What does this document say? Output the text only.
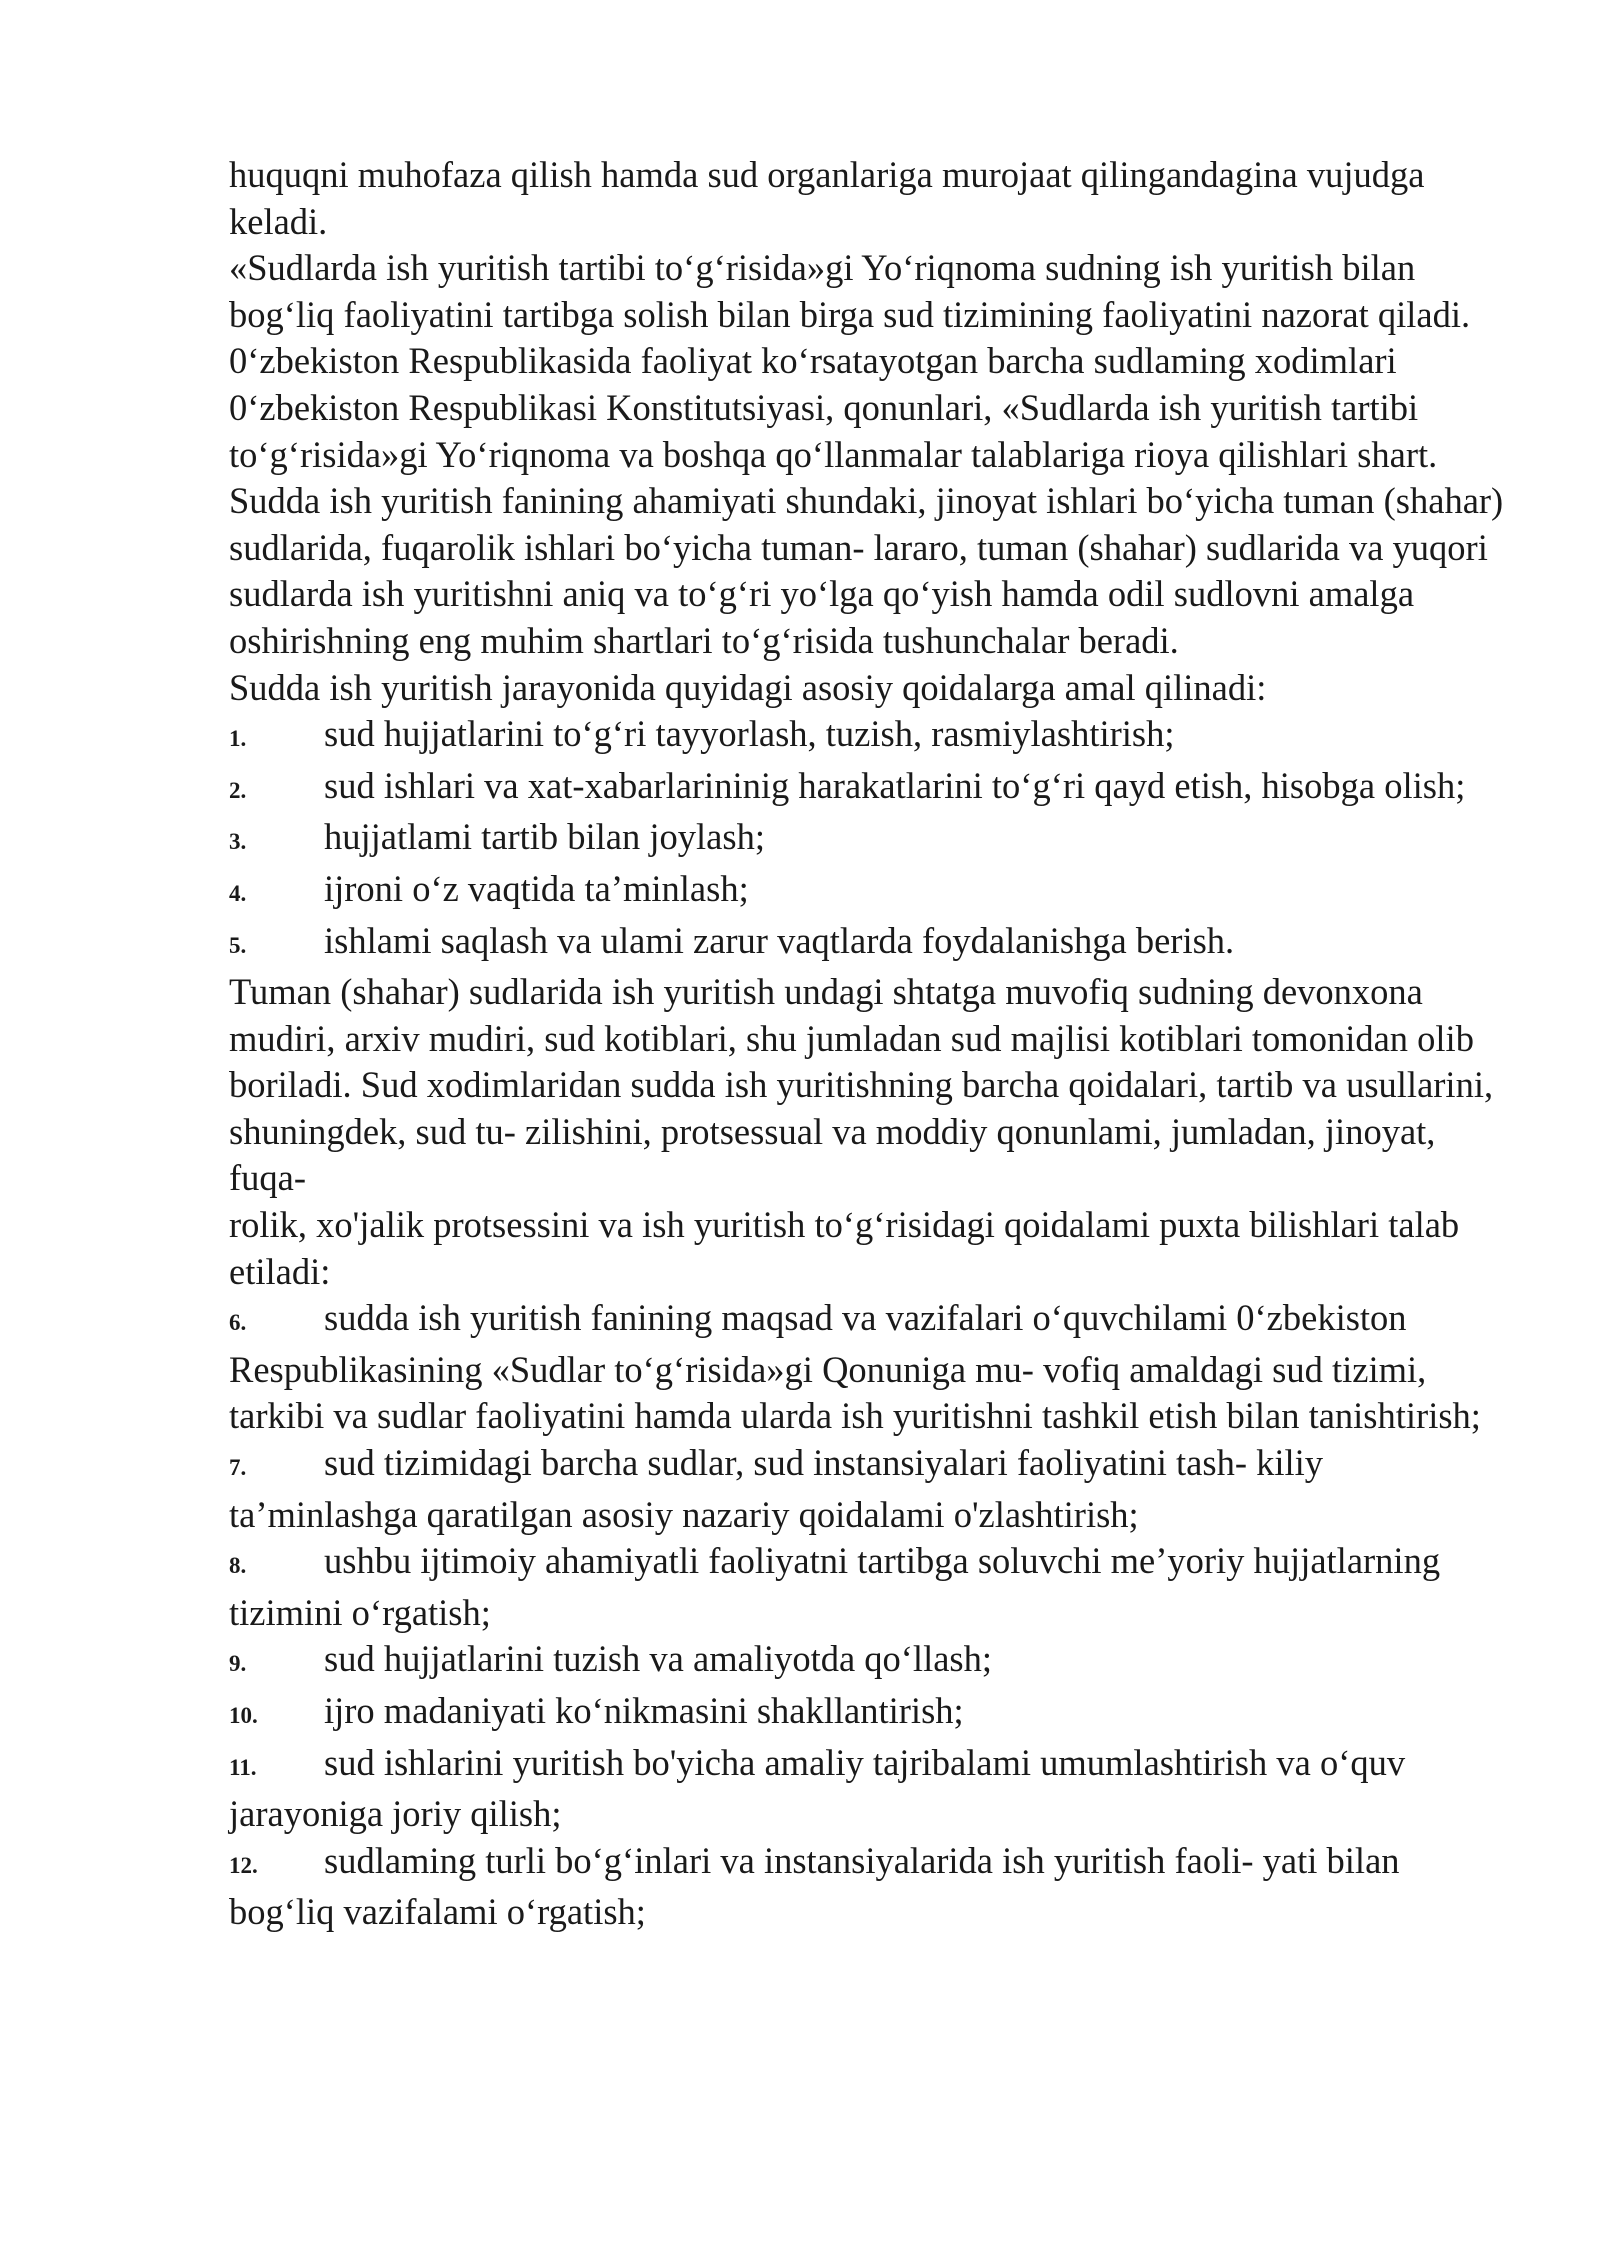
huquqni muhofaza qilish hamda sud organlariga murojaat qilingandagina vujudga keladi.

«Sudlarda ish yuritish tartibi to‘g‘risida»gi Yo‘riqnoma sudning ish yuritish bilan bog‘liq faoliyatini tartibga solish bilan birga sud tizimining faoliyatini nazorat qiladi.

0‘zbekiston Respublikasida faoliyat ko‘rsatayotgan barcha sudlaming xodimlari 0‘zbekiston Respublikasi Konstitutsiyasi, qonunlari, «Sudlarda ish yuritish tartibi to‘g‘risida»gi Yo‘riqnoma va boshqa qo‘llanmalar talablariga rioya qilishlari shart.

Sudda ish yuritish fanining ahamiyati shundaki, jinoyat ishlari bo‘yicha tuman (shahar) sudlarida, fuqarolik ishlari bo‘yicha tuman- lararo, tuman (shahar) sudlarida va yuqori sudlarda ish yuritishni aniq va to‘g‘ri yo‘lga qo‘yish hamda odil sudlovni amalga oshirishning eng muhim shartlari to‘g‘risida tushunchalar beradi.

Sudda ish yuritish jarayonida quyidagi asosiy qoidalarga amal qilinadi:

1. sud hujjatlarini to‘g‘ri tayyorlash, tuzish, rasmiylashtirish;

2. sud ishlari va xat-xabarlarininig harakatlarini to‘g‘ri qayd etish, hisobga olish;

3. hujjatlami tartib bilan joylash;

4. ijroni o‘z vaqtida ta’minlash;

5. ishlami saqlash va ulami zarur vaqtlarda foydalanishga berish.

Tuman (shahar) sudlarida ish yuritish undagi shtatga muvofiq sudning devonxona mudiri, arxiv mudiri, sud kotiblari, shu jumladan sud majlisi kotiblari tomonidan olib boriladi. Sud xodimlaridan sudda ish yuritishning barcha qoidalari, tartib va usullarini, shuningdek, sud tu- zilishini, protsessual va moddiy qonunlami, jumladan, jinoyat, fuqa-

rolik, xo'jalik protsessini va ish yuritish to‘g‘risidagi qoidalami puxta bilishlari talab etiladi:

6. sudda ish yuritish fanining maqsad va vazifalari o‘quvchilami 0‘zbekiston Respublikasining «Sudlar to‘g‘risida»gi Qonuniga mu- vofiq amaldagi sud tizimi, tarkibi va sudlar faoliyatini hamda ularda ish yuritishni tashkil etish bilan tanishtirish;

7. sud tizimidagi barcha sudlar, sud instansiyalari faoliyatini tash- kiliy ta’minlashga qaratilgan asosiy nazariy qoidalami o'zlashtirish;

8. ushbu ijtimoiy ahamiyatli faoliyatni tartibga soluvchi me’yoriy hujjatlarning tizimini o‘rgatish;

9. sud hujjatlarini tuzish va amaliyotda qo‘llash;

10. ijro madaniyati ko‘nikmasini shakllantirish;

11. sud ishlarini yuritish bo'yicha amaliy tajribalami umumlashtirish va o‘quv jarayoniga joriy qilish;

12. sudlaming turli bo‘g‘inlari va instansiyalarida ish yuritish faoli- yati bilan bog‘liq vazifalami o‘rgatish;
